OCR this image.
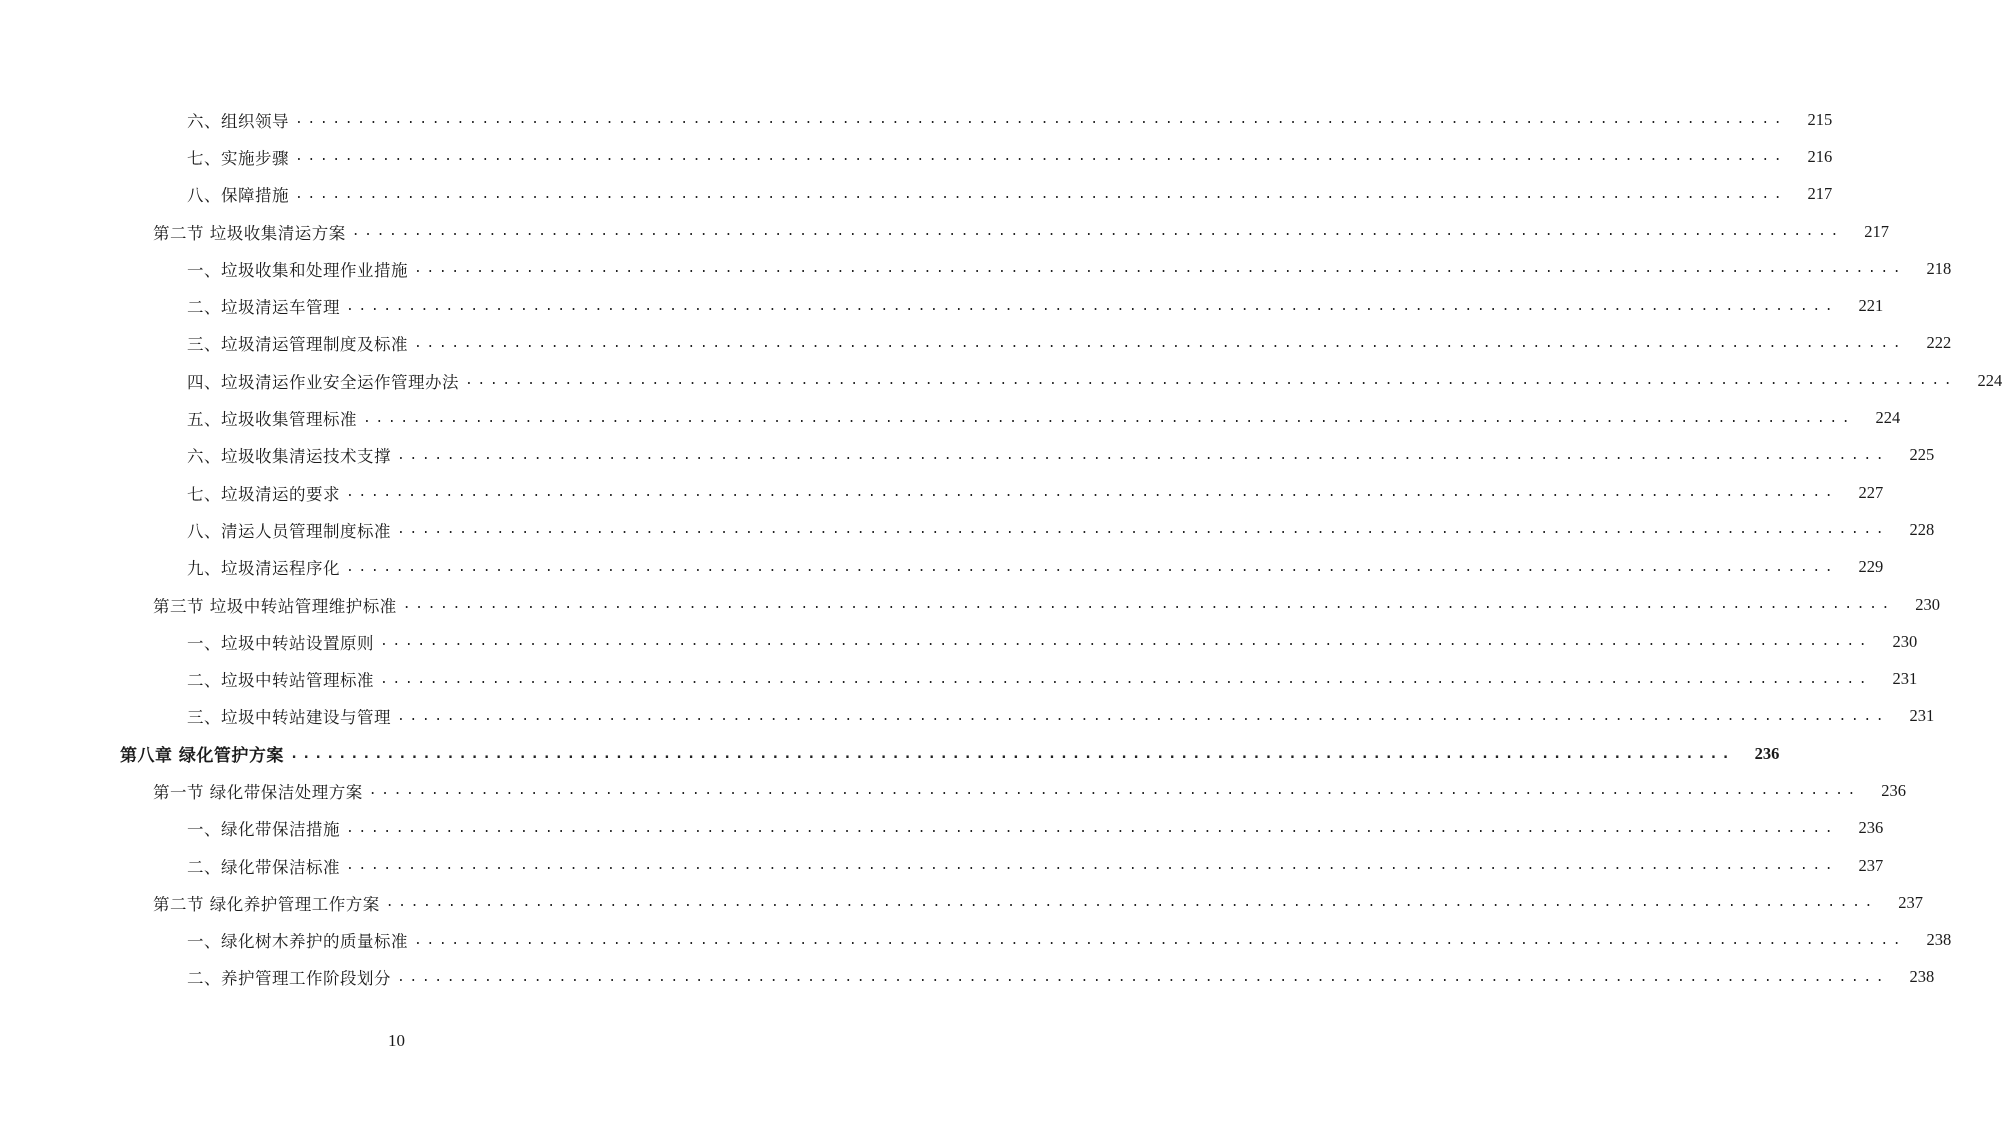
六、组织领导 ........................................................................................................................	215
七、实施步骤 ........................................................................................................................	216
八、保障措施 ........................................................................................................................	217
第二节 垃圾收集清运方案 ........................................................................................................................	217
一、垃圾收集和处理作业措施 ........................................................................................................................	218
二、垃圾清运车管理 ........................................................................................................................	221
三、垃圾清运管理制度及标准 ........................................................................................................................	222
四、垃圾清运作业安全运作管理办法 ........................................................................................................................	224
五、垃圾收集管理标准 ........................................................................................................................	224
六、垃圾收集清运技术支撑 ........................................................................................................................	225
七、垃圾清运的要求 ........................................................................................................................	227
八、清运人员管理制度标准 ........................................................................................................................	228
九、垃圾清运程序化 ........................................................................................................................	229
第三节 垃圾中转站管理维护标准 ........................................................................................................................	230
一、垃圾中转站设置原则 ........................................................................................................................	230
二、垃圾中转站管理标准 ........................................................................................................................	231
三、垃圾中转站建设与管理 ........................................................................................................................	231
第八章 绿化管护方案 ........................................................................................................................	236
第一节 绿化带保洁处理方案 ........................................................................................................................	236
一、绿化带保洁措施 ........................................................................................................................	236
二、绿化带保洁标准 ........................................................................................................................	237
第二节 绿化养护管理工作方案 ........................................................................................................................	237
一、绿化树木养护的质量标准 ........................................................................................................................	238
二、养护管理工作阶段划分 ........................................................................................................................	238
10
